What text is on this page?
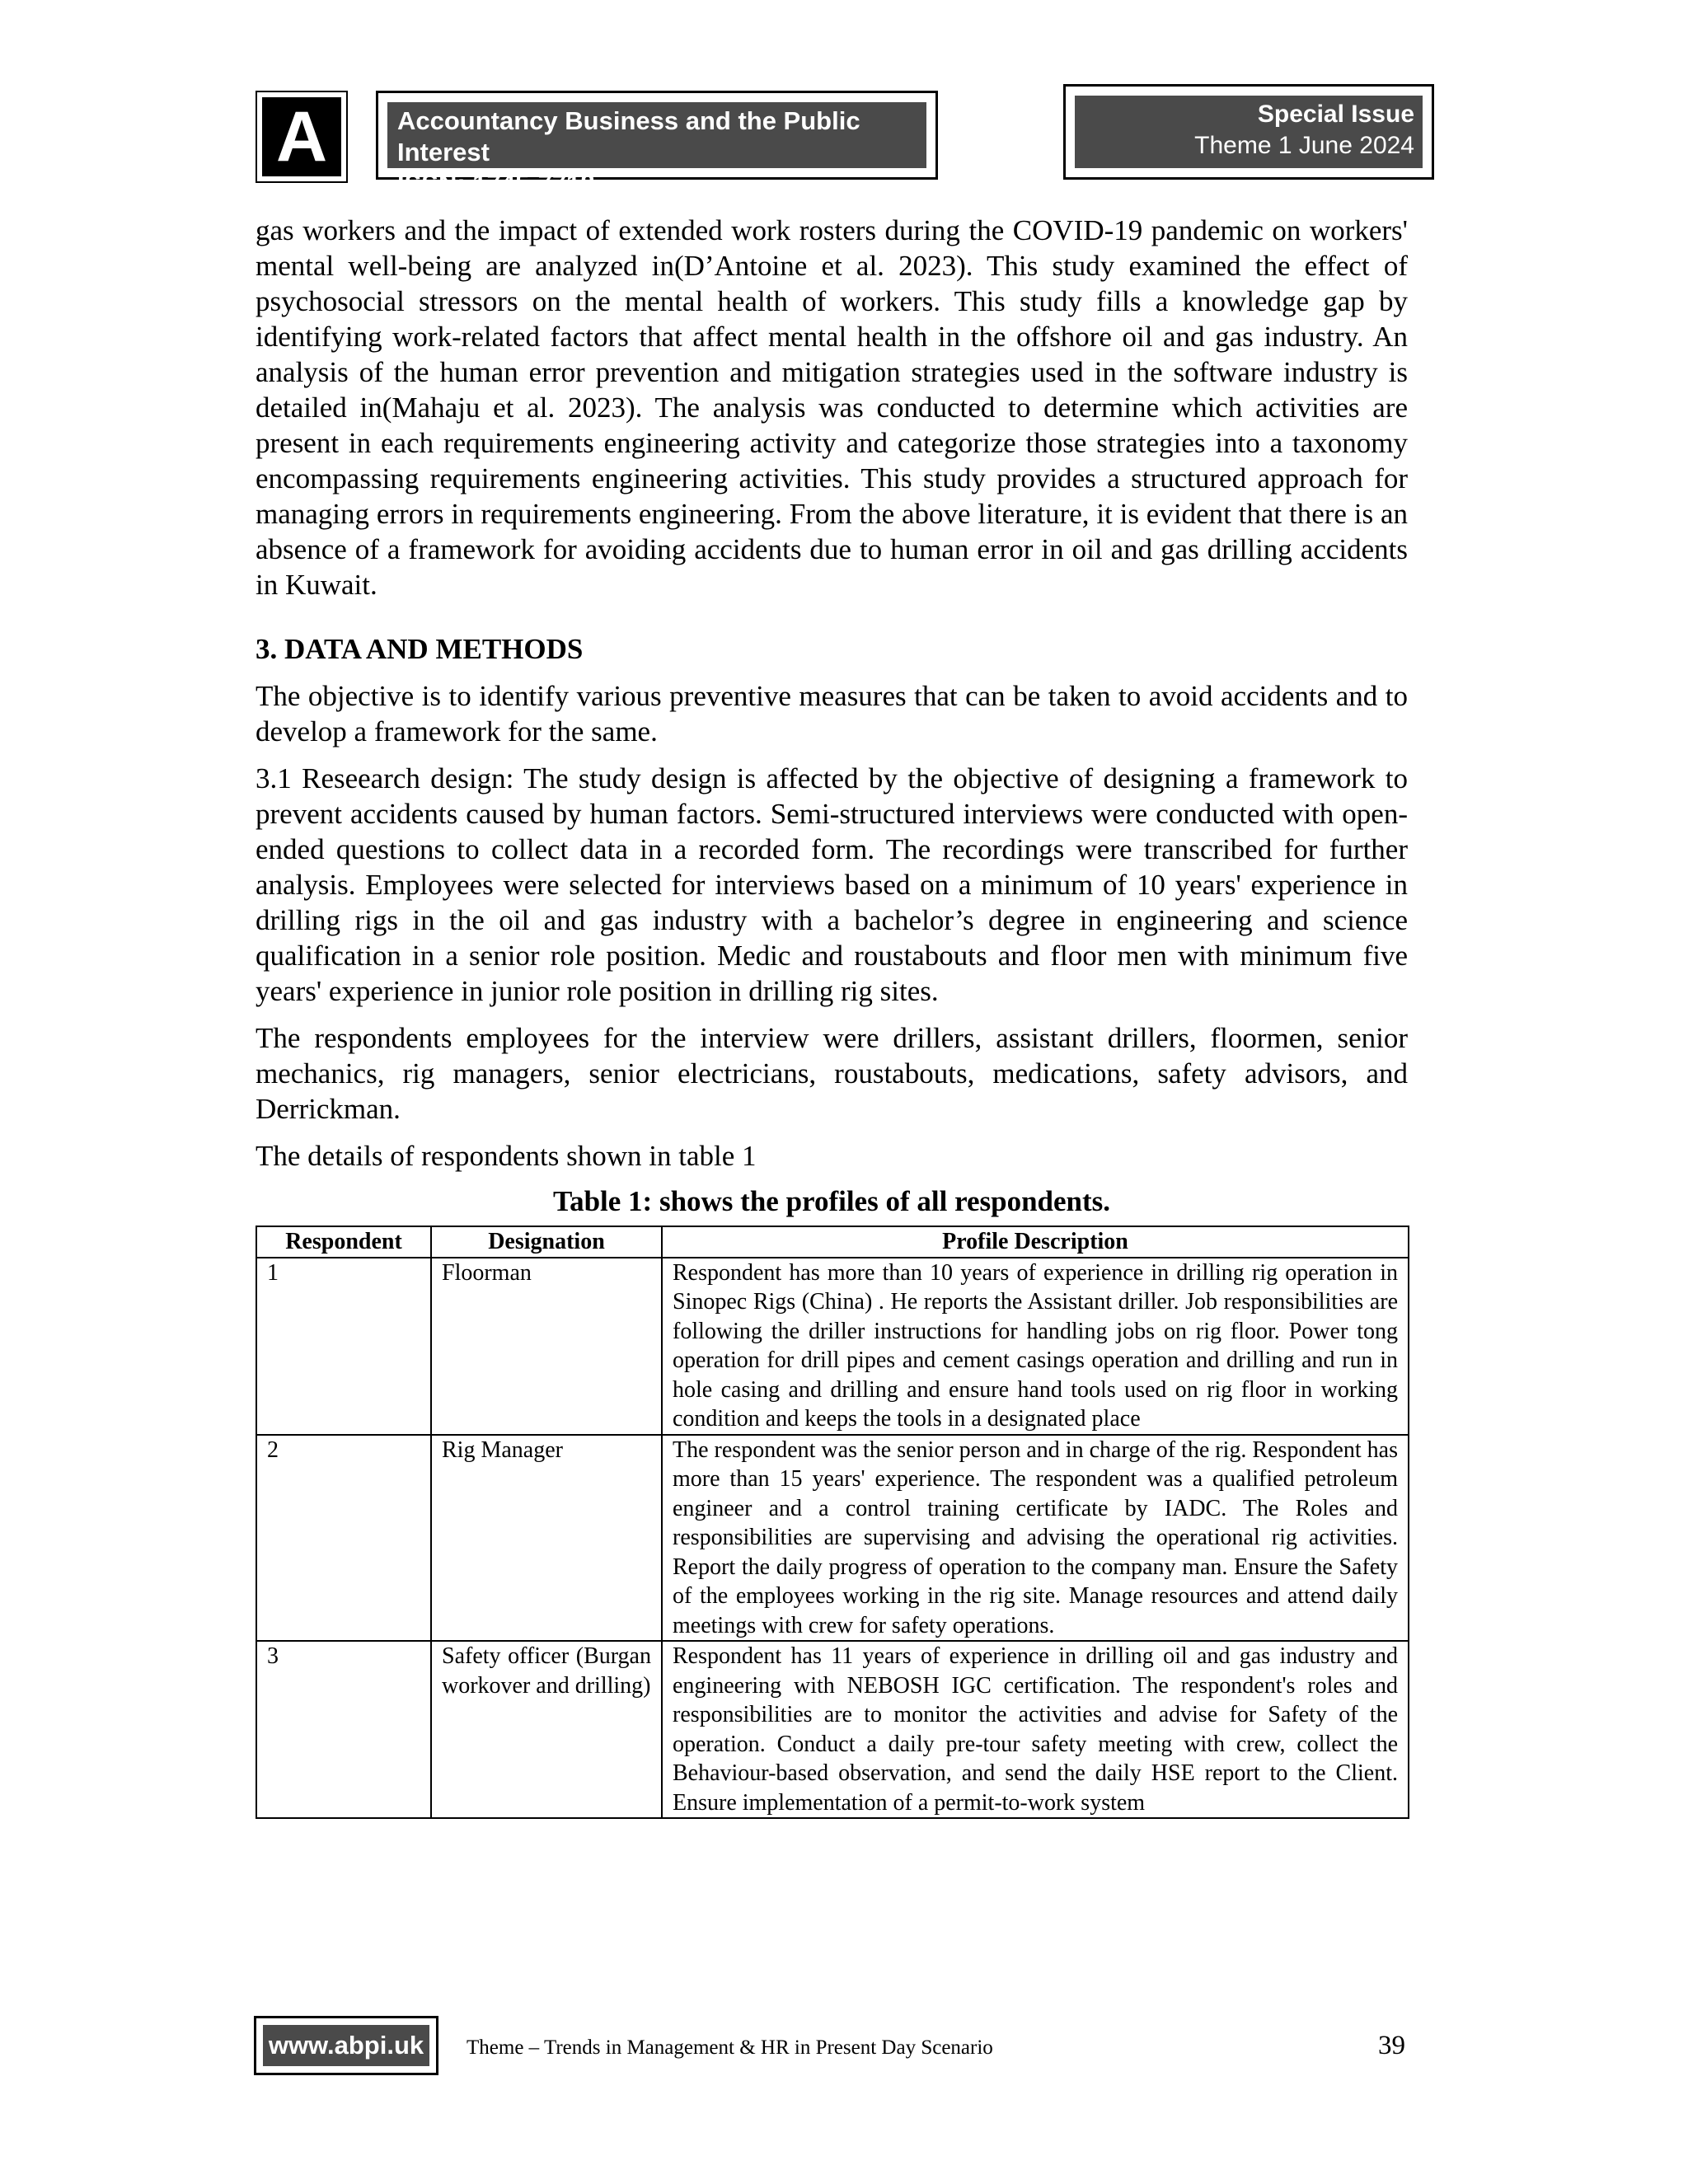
A	Accountancy Business and the Public Interest
ISSN: 1745-7718
Special Issue
Theme 1 June 2024

gas workers and the impact of extended work rosters during the COVID-19 pandemic on workers' mental well-being are analyzed in(D’Antoine et al. 2023). This study examined the effect of psychosocial stressors on the mental health of workers. This study fills a knowledge gap by identifying work-related factors that affect mental health in the offshore oil and gas industry. An analysis of the human error prevention and mitigation strategies used in the software industry is detailed in(Mahaju et al. 2023). The analysis was conducted to determine which activities are present in each requirements engineering activity and categorize those strategies into a taxonomy encompassing requirements engineering activities. This study provides a structured approach for managing errors in requirements engineering. From the above literature, it is evident that there is an absence of a framework for avoiding accidents due to human error in oil and gas drilling accidents in Kuwait.

3. DATA AND METHODS

The objective is to identify various preventive measures that can be taken to avoid accidents and to develop a framework for the same.

3.1 Reseearch design: The study design is affected by the objective of designing a framework to prevent accidents caused by human factors. Semi-structured interviews were conducted with open-ended questions to collect data in a recorded form. The recordings were transcribed for further analysis. Employees were selected for interviews based on a minimum of 10 years' experience in drilling rigs in the oil and gas industry with a bachelor’s degree in engineering and science qualification in a senior role position. Medic and roustabouts and floor men with minimum five years' experience in junior role position in drilling rig sites.

The respondents employees for the interview were drillers, assistant drillers, floormen, senior mechanics, rig managers, senior electricians, roustabouts, medications, safety advisors, and Derrickman.

The details of respondents shown in table 1

Table 1: shows the profiles of all respondents.
Respondent	Designation	Profile Description
1	Floorman	Respondent has more than 10 years of experience in drilling rig operation in Sinopec Rigs (China) . He reports the Assistant driller. Job responsibilities are following the driller instructions for handling jobs on rig floor. Power tong operation for drill pipes and cement casings operation and drilling and run in hole casing and drilling and ensure hand tools used on rig floor in working condition and keeps the tools in a designated place
2	Rig Manager	The respondent was the senior person and in charge of the rig. Respondent has more than 15 years' experience. The respondent was a qualified petroleum engineer and a control training certificate by IADC. The Roles and responsibilities are supervising and advising the operational rig activities. Report the daily progress of operation to the company man. Ensure the Safety of the employees working in the rig site. Manage resources and attend daily meetings with crew for safety operations.
3	Safety officer (Burgan workover and drilling)	Respondent has 11 years of experience in drilling oil and gas industry and engineering with NEBOSH IGC certification. The respondent's roles and responsibilities are to monitor the activities and advise for Safety of the operation. Conduct a daily pre-tour safety meeting with crew, collect the Behaviour-based observation, and send the daily HSE report to the Client. Ensure implementation of a permit-to-work system
www.abpi.uk Theme – Trends in Management & HR in Present Day Scenario	39
